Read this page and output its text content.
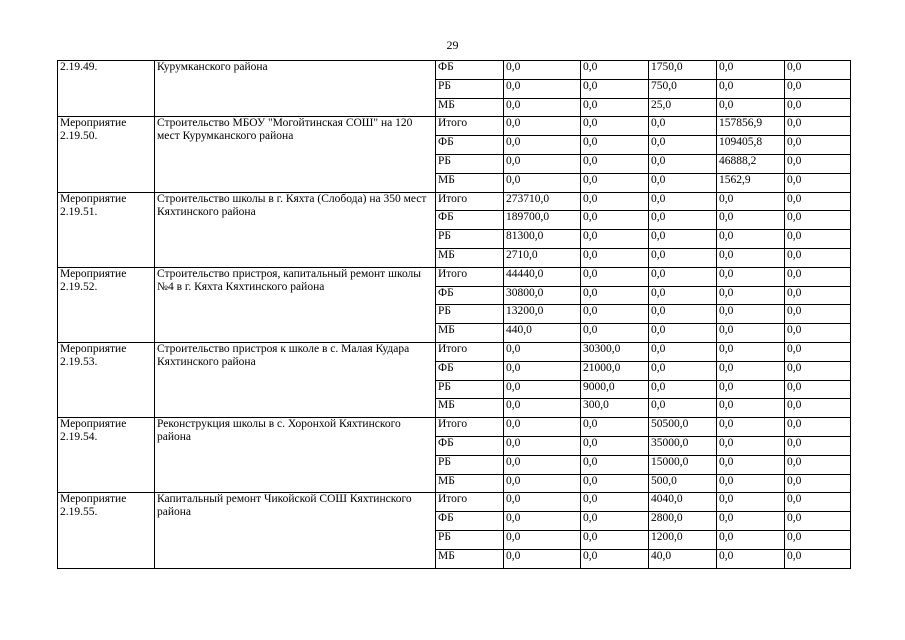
29
2.19.49.	Курумканского района	ФБ	0,0	0,0	1750,0	0,0	0,0
		РБ	0,0	0,0	750,0	0,0	0,0
		МБ	0,0	0,0	25,0	0,0	0,0
Мероприятие 2.19.50.	Строительство МБОУ "Могойтинская СОШ" на 120 мест Курумканского района	Итого	0,0	0,0	0,0	157856,9	0,0
		ФБ	0,0	0,0	0,0	109405,8	0,0
		РБ	0,0	0,0	0,0	46888,2	0,0
		МБ	0,0	0,0	0,0	1562,9	0,0
Мероприятие 2.19.51.	Строительство школы в г. Кяхта (Слобода) на 350 мест Кяхтинского района	Итого	273710,0	0,0	0,0	0,0	0,0
		ФБ	189700,0	0,0	0,0	0,0	0,0
		РБ	81300,0	0,0	0,0	0,0	0,0
		МБ	2710,0	0,0	0,0	0,0	0,0
Мероприятие 2.19.52.	Строительство пристроя, капитальный ремонт школы №4 в г. Кяхта Кяхтинского района	Итого	44440,0	0,0	0,0	0,0	0,0
		ФБ	30800,0	0,0	0,0	0,0	0,0
		РБ	13200,0	0,0	0,0	0,0	0,0
		МБ	440,0	0,0	0,0	0,0	0,0
Мероприятие 2.19.53.	Строительство пристроя к школе в с. Малая Кудара Кяхтинского района	Итого	0,0	30300,0	0,0	0,0	0,0
		ФБ	0,0	21000,0	0,0	0,0	0,0
		РБ	0,0	9000,0	0,0	0,0	0,0
		МБ	0,0	300,0	0,0	0,0	0,0
Мероприятие 2.19.54.	Реконструкция школы в с. Хоронхой Кяхтинского района	Итого	0,0	0,0	50500,0	0,0	0,0
		ФБ	0,0	0,0	35000,0	0,0	0,0
		РБ	0,0	0,0	15000,0	0,0	0,0
		МБ	0,0	0,0	500,0	0,0	0,0
Мероприятие 2.19.55.	Капитальный ремонт Чикойской СОШ Кяхтинского района	Итого	0,0	0,0	4040,0	0,0	0,0
		ФБ	0,0	0,0	2800,0	0,0	0,0
		РБ	0,0	0,0	1200,0	0,0	0,0
		МБ	0,0	0,0	40,0	0,0	0,0
